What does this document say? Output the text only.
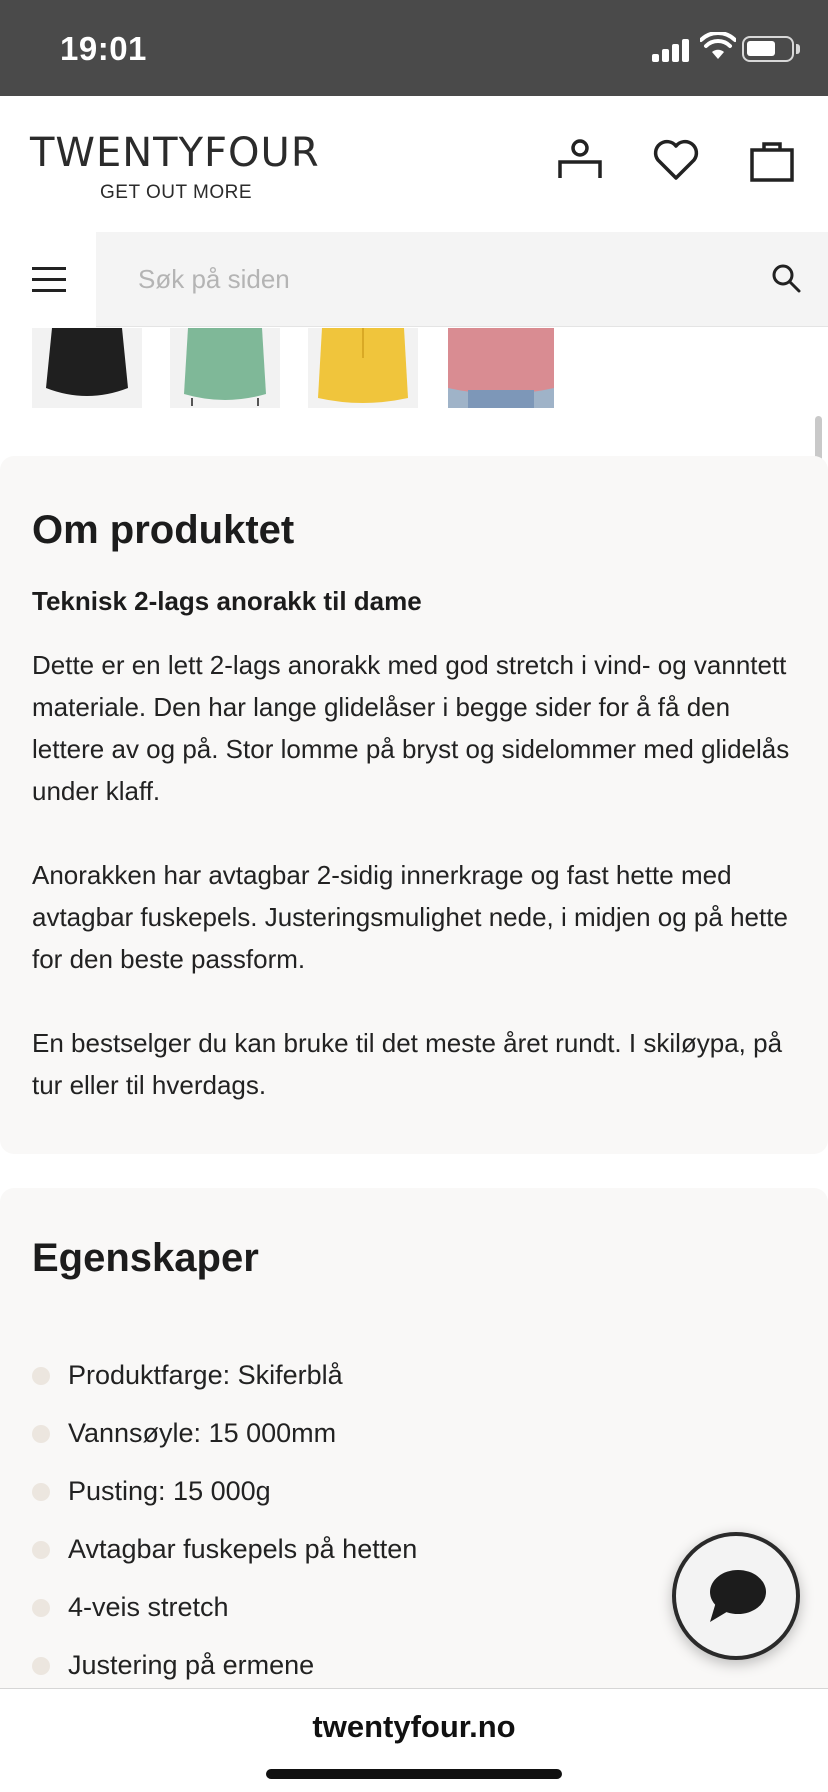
19:01
TWENTYFOUR
GET OUT MORE
Søk på siden
Om produktet
Teknisk 2-lags anorakk til dame

Dette er en lett 2-lags anorakk med god stretch i vind- og vanntett materiale. Den har lange glidelåser i begge sider for å få den lettere av og på. Stor lomme på bryst og sidelommer med glidelås under klaff.

Anorakken har avtagbar 2-sidig innerkrage og fast hette med avtagbar fuskepels. Justeringsmulighet nede, i midjen og på hette for den beste passform.

En bestselger du kan bruke til det meste året rundt. I skiløypa, på tur eller til hverdags.

Egenskaper
Produktfarge: Skiferblå
Vannsøyle: 15 000mm
Pusting: 15 000g
Avtagbar fuskepels på hetten
4-veis stretch
Justering på ermene
twentyfour.no
